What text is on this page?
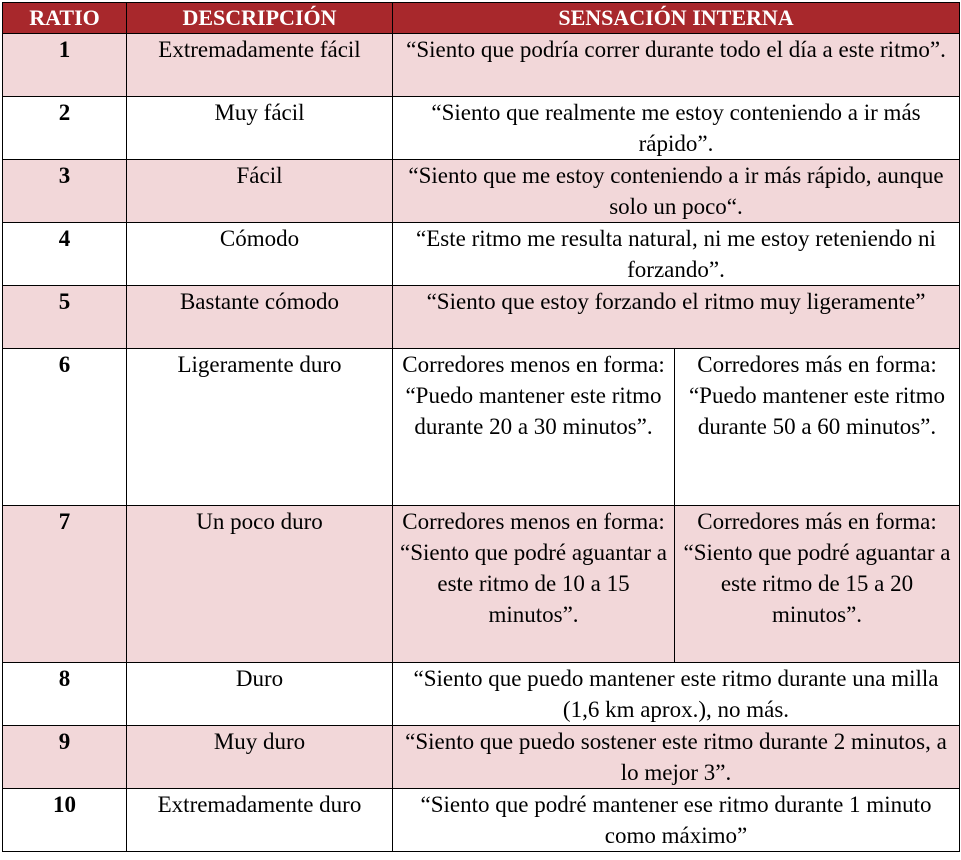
RATIO	DESCRIPCIÓN	SENSACIÓN INTERNA	
1	Extremadamente fácil	“Siento que podría correr durante todo el día a este ritmo”.	
2	Muy fácil	“Siento que realmente me estoy conteniendo a ir más rápido”.	
3	Fácil	“Siento que me estoy conteniendo a ir más rápido, aunque solo un poco“.	
4	Cómodo	“Este ritmo me resulta natural, ni me estoy reteniendo ni forzando”.	
5	Bastante cómodo	“Siento que estoy forzando el ritmo muy ligeramente”	
6	Ligeramente duro	Corredores menos en forma: “Puedo mantener este ritmo durante 20 a 30 minutos”.	Corredores más en forma: “Puedo mantener este ritmo durante 50 a 60 minutos”.
7	Un poco duro	Corredores menos en forma: “Siento que podré aguantar a este ritmo de 10 a 15 minutos”.	Corredores más en forma: “Siento que podré aguantar a este ritmo de 15 a 20 minutos”.
8	Duro	“Siento que puedo mantener este ritmo durante una milla (1,6 km aprox.), no más.	
9	Muy duro	“Siento que puedo sostener este ritmo durante 2 minutos, a lo mejor 3”.	
10	Extremadamente duro	“Siento que podré mantener ese ritmo durante 1 minuto como máximo”	
